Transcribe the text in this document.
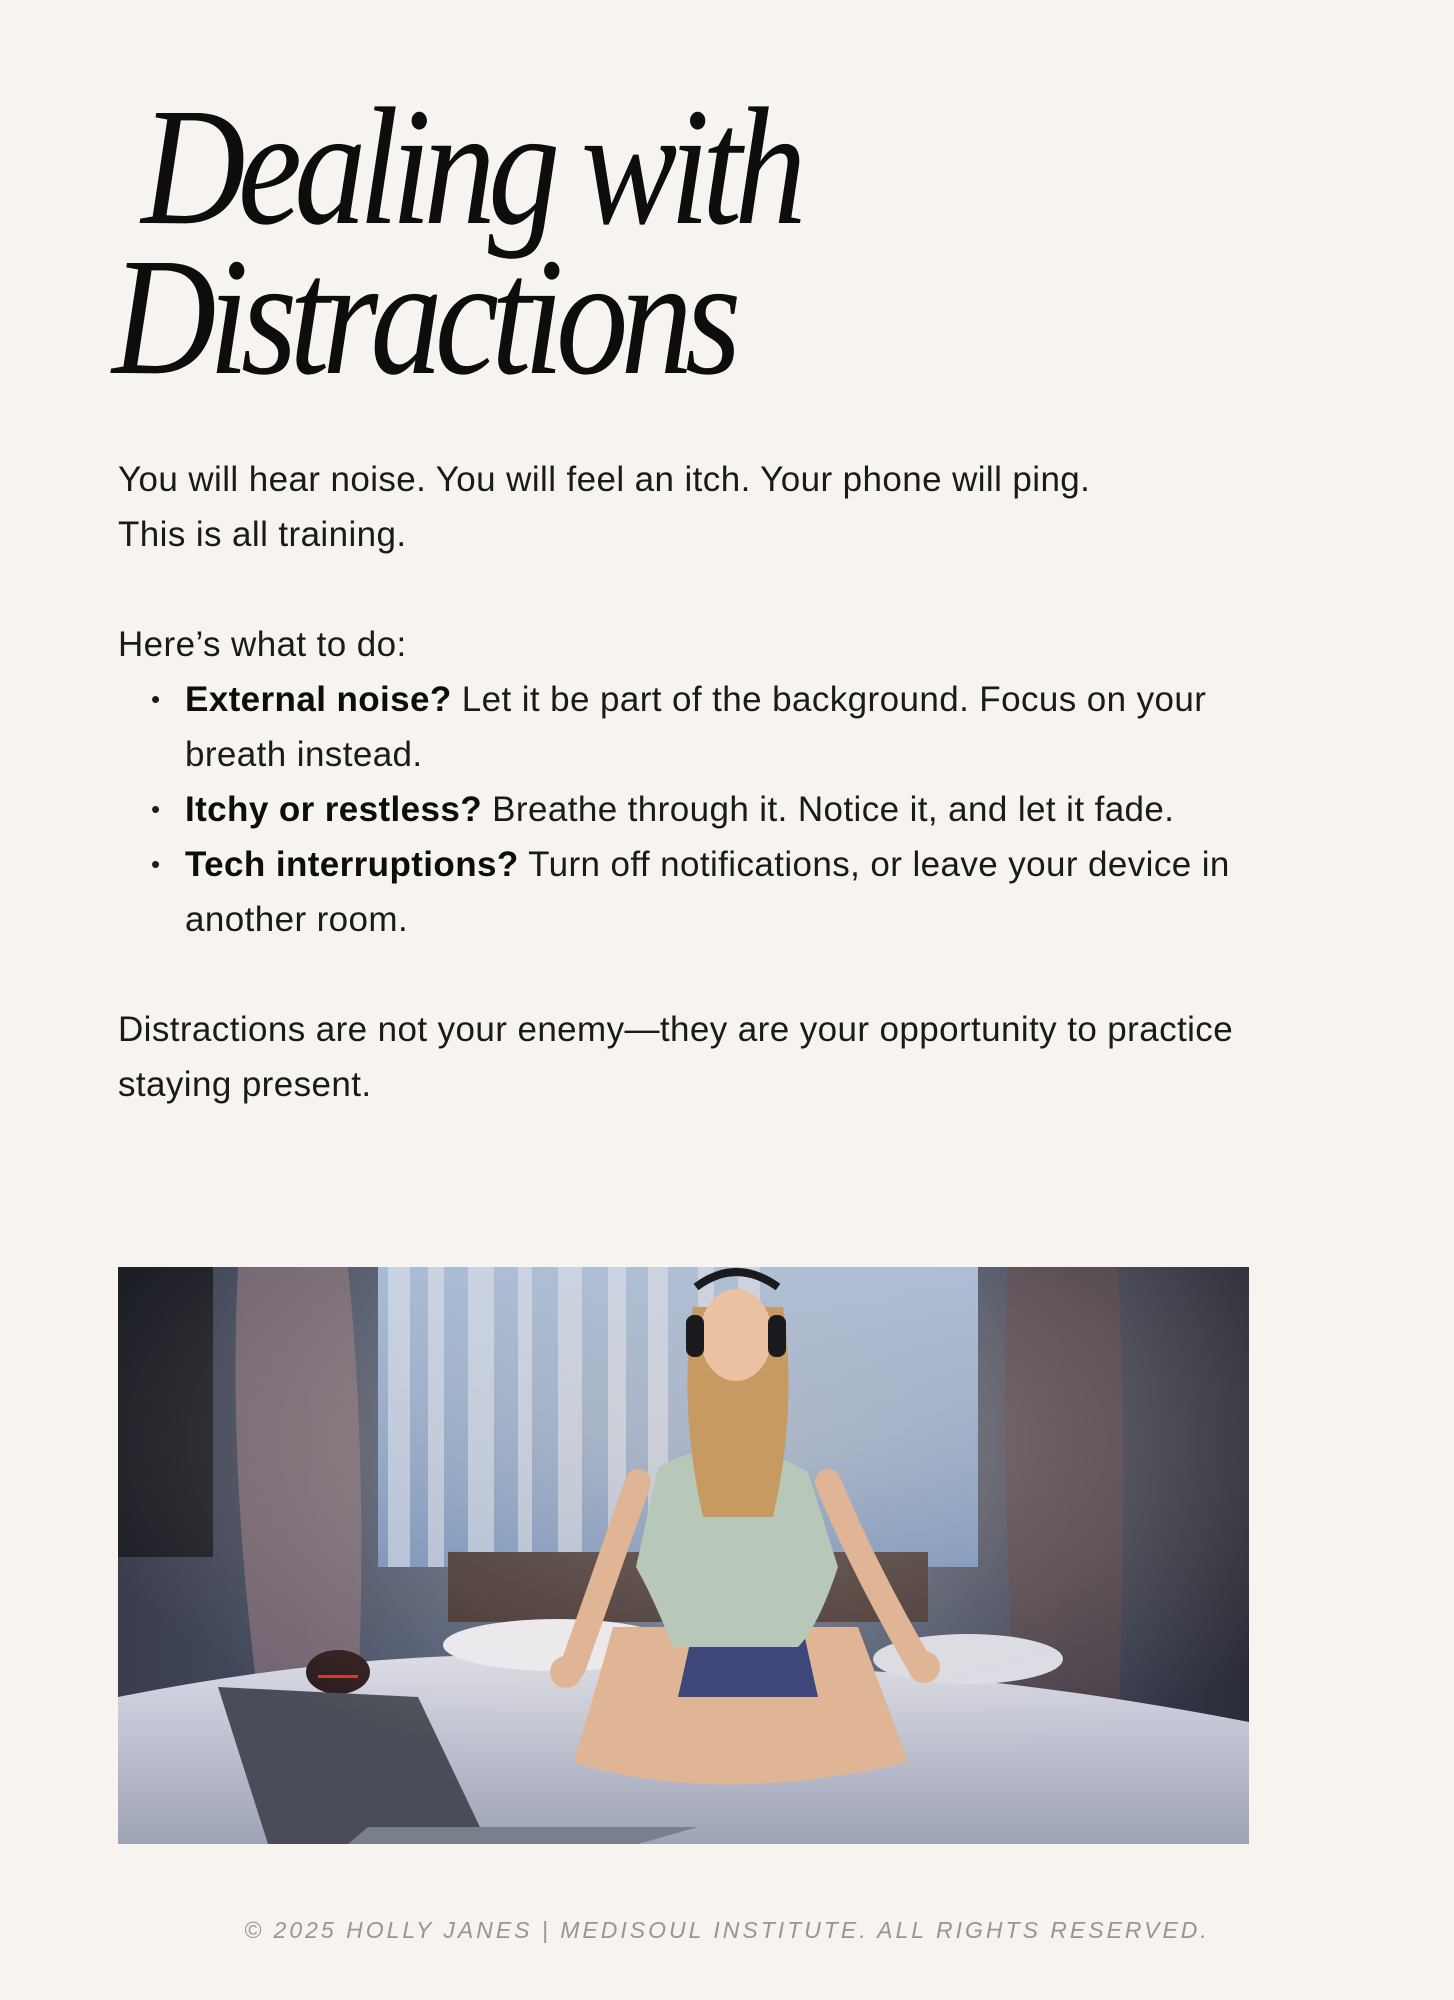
Dealing with
Distractions

You will hear noise. You will feel an itch. Your phone will ping.
This is all training.

Here’s what to do:

• External noise? Let it be part of the background. Focus on your breath instead.
• Itchy or restless? Breathe through it. Notice it, and let it fade.
• Tech interruptions? Turn off notifications, or leave your device in another room.

Distractions are not your enemy—they are your opportunity to practice staying present.

© 2025 HOLLY JANES | MEDISOUL INSTITUTE. ALL RIGHTS RESERVED.
